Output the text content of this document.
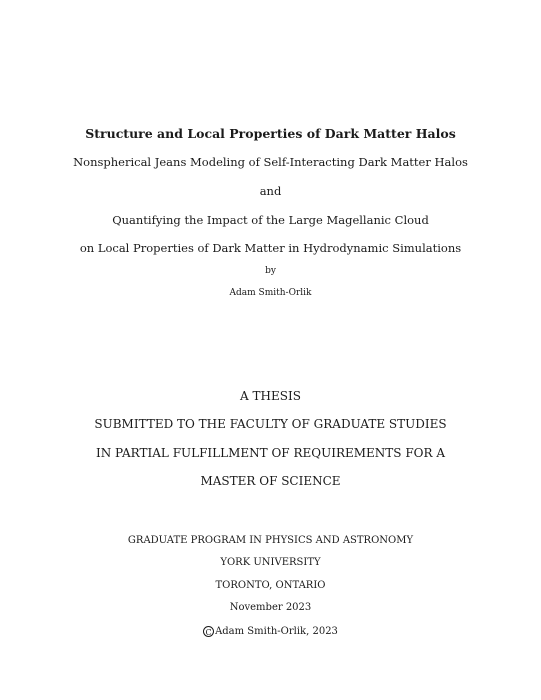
Structure and Local Properties of Dark Matter Halos
Nonspherical Jeans Modeling of Self-Interacting Dark Matter Halos
and
Quantifying the Impact of the Large Magellanic Cloud
on Local Properties of Dark Matter in Hydrodynamic Simulations
by
Adam Smith-Orlik
A THESIS
SUBMITTED TO THE FACULTY OF GRADUATE STUDIES
IN PARTIAL FULFILLMENT OF REQUIREMENTS FOR A
MASTER OF SCIENCE
GRADUATE PROGRAM IN PHYSICS AND ASTRONOMY
YORK UNIVERSITY
TORONTO, ONTARIO
November 2023
C Adam Smith-Orlik, 2023
